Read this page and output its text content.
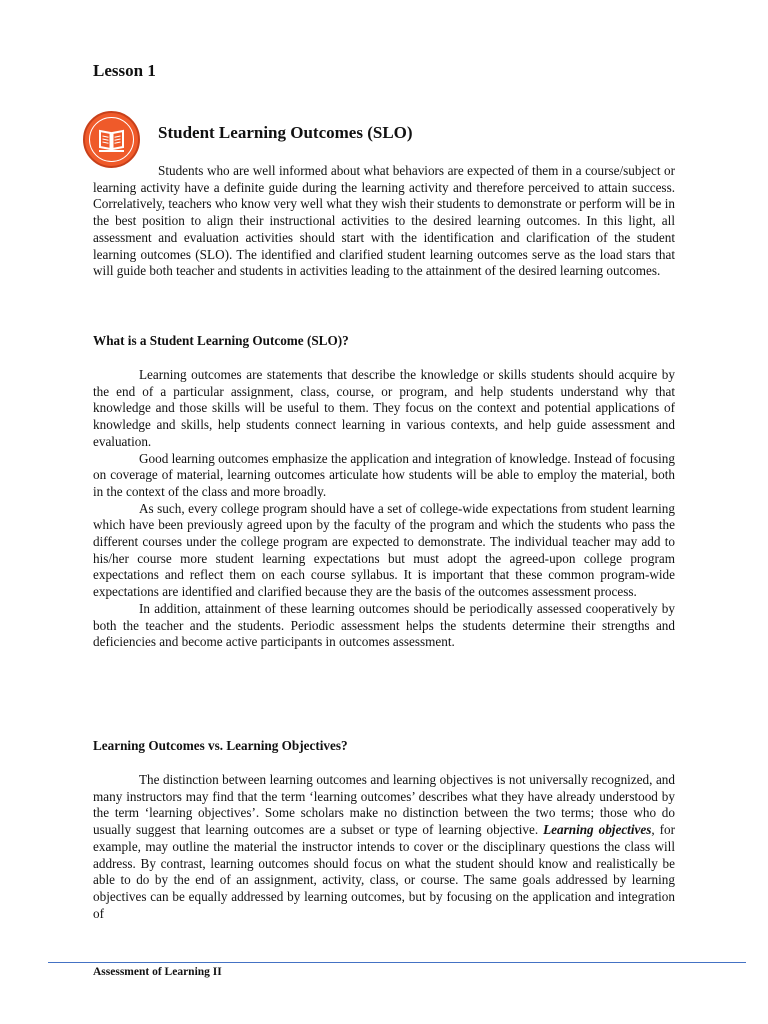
Lesson 1
Student Learning Outcomes (SLO)

Students who are well informed about what behaviors are expected of them in a course/subject or learning activity have a definite guide during the learning activity and therefore perceived to attain success. Correlatively, teachers who know very well what they wish their students to demonstrate or perform will be in the best position to align their instructional activities to the desired learning outcomes. In this light, all assessment and evaluation activities should start with the identification and clarification of the student learning outcomes (SLO). The identified and clarified student learning outcomes serve as the load stars that will guide both teacher and students in activities leading to the attainment of the desired learning outcomes.

What is a Student Learning Outcome (SLO)?

Learning outcomes are statements that describe the knowledge or skills students should acquire by the end of a particular assignment, class, course, or program, and help students understand why that knowledge and those skills will be useful to them. They focus on the context and potential applications of knowledge and skills, help students connect learning in various contexts, and help guide assessment and evaluation.

Good learning outcomes emphasize the application and integration of knowledge. Instead of focusing on coverage of material, learning outcomes articulate how students will be able to employ the material, both in the context of the class and more broadly.

As such, every college program should have a set of college-wide expectations from student learning which have been previously agreed upon by the faculty of the program and which the students who pass the different courses under the college program are expected to demonstrate. The individual teacher may add to his/her course more student learning expectations but must adopt the agreed-upon college program expectations and reflect them on each course syllabus. It is important that these common program-wide expectations are identified and clarified because they are the basis of the outcomes assessment process.

In addition, attainment of these learning outcomes should be periodically assessed cooperatively by both the teacher and the students. Periodic assessment helps the students determine their strengths and deficiencies and become active participants in outcomes assessment.

Learning Outcomes vs. Learning Objectives?

The distinction between learning outcomes and learning objectives is not universally recognized, and many instructors may find that the term ‘learning outcomes’ describes what they have already understood by the term ‘learning objectives’. Some scholars make no distinction between the two terms; those who do usually suggest that learning outcomes are a subset or type of learning objective. Learning objectives, for example, may outline the material the instructor intends to cover or the disciplinary questions the class will address. By contrast, learning outcomes should focus on what the student should know and realistically be able to do by the end of an assignment, activity, class, or course. The same goals addressed by learning objectives can be equally addressed by learning outcomes, but by focusing on the application and integration of

Assessment of Learning II
